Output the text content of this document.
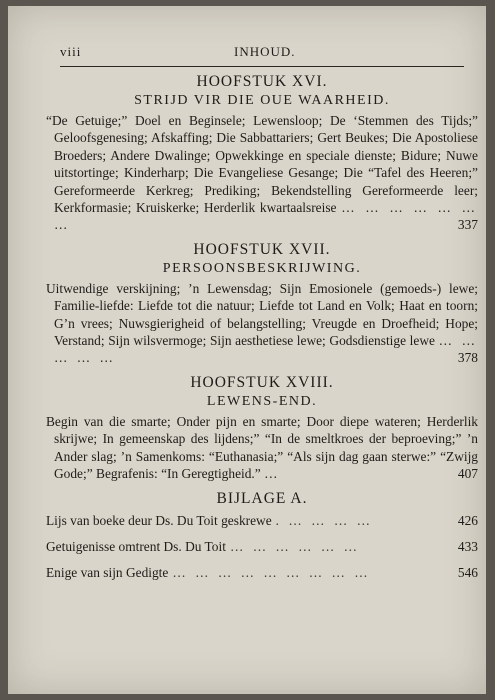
viii	INHOUD.
HOOFSTUK XVI.
STRIJD VIR DIE OUE WAARHEID.
“De Getuige;” Doel en Beginsele; Lewensloop; De ‘Stemmen des Tijds;” Geloofsgenesing; Afskaffing; Die Sabbattariers; Gert Beukes; Die Apostoliese Broeders; Andere Dwalinge; Opwekkinge en speciale dienste; Bidure; Nuwe uitstortinge; Kinderharp; Die Evangeliese Gesange; Die “Tafel des Heeren;” Gereformeerde Kerkreg; Prediking; Bekendstelling Gereformeerde leer; Kerkformasie; Kruiskerke; Herderlik kwartaalsreise … … … … … … …	337
HOOFSTUK XVII.
PERSOONSBESKRIJWING.
Uitwendige verskijning; ’n Lewensdag; Sijn Emosionele (gemoeds-) lewe; Familie-liefde: Liefde tot die natuur; Liefde tot Land en Volk; Haat en toorn; G’n vrees; Nuwsgierigheid of belangstelling; Vreugde en Droefheid; Hope; Verstand; Sijn wilsvermoge; Sijn aesthetiese lewe; Godsdienstige lewe … … … … …	378
HOOFSTUK XVIII.
LEWENS-END.
Begin van die smarte; Onder pijn en smarte; Door diepe wateren; Herderlik skrijwe; In gemeenskap des lijdens;” “In de smeltkroes der beproeving;” ’n Ander slag; ’n Samenkoms: “Euthanasia;” “Als sijn dag gaan sterwe:” “Zwijg Gode;” Begrafenis: “In Geregtigheid.” …	407
BIJLAGE A.
Lijs van boeke deur Ds. Du Toit geskrewe . … … … …	426
Getuigenisse omtrent Ds. Du Toit … … … … … …	433
Enige van sijn Gedigte … … … … … … … … …	546
